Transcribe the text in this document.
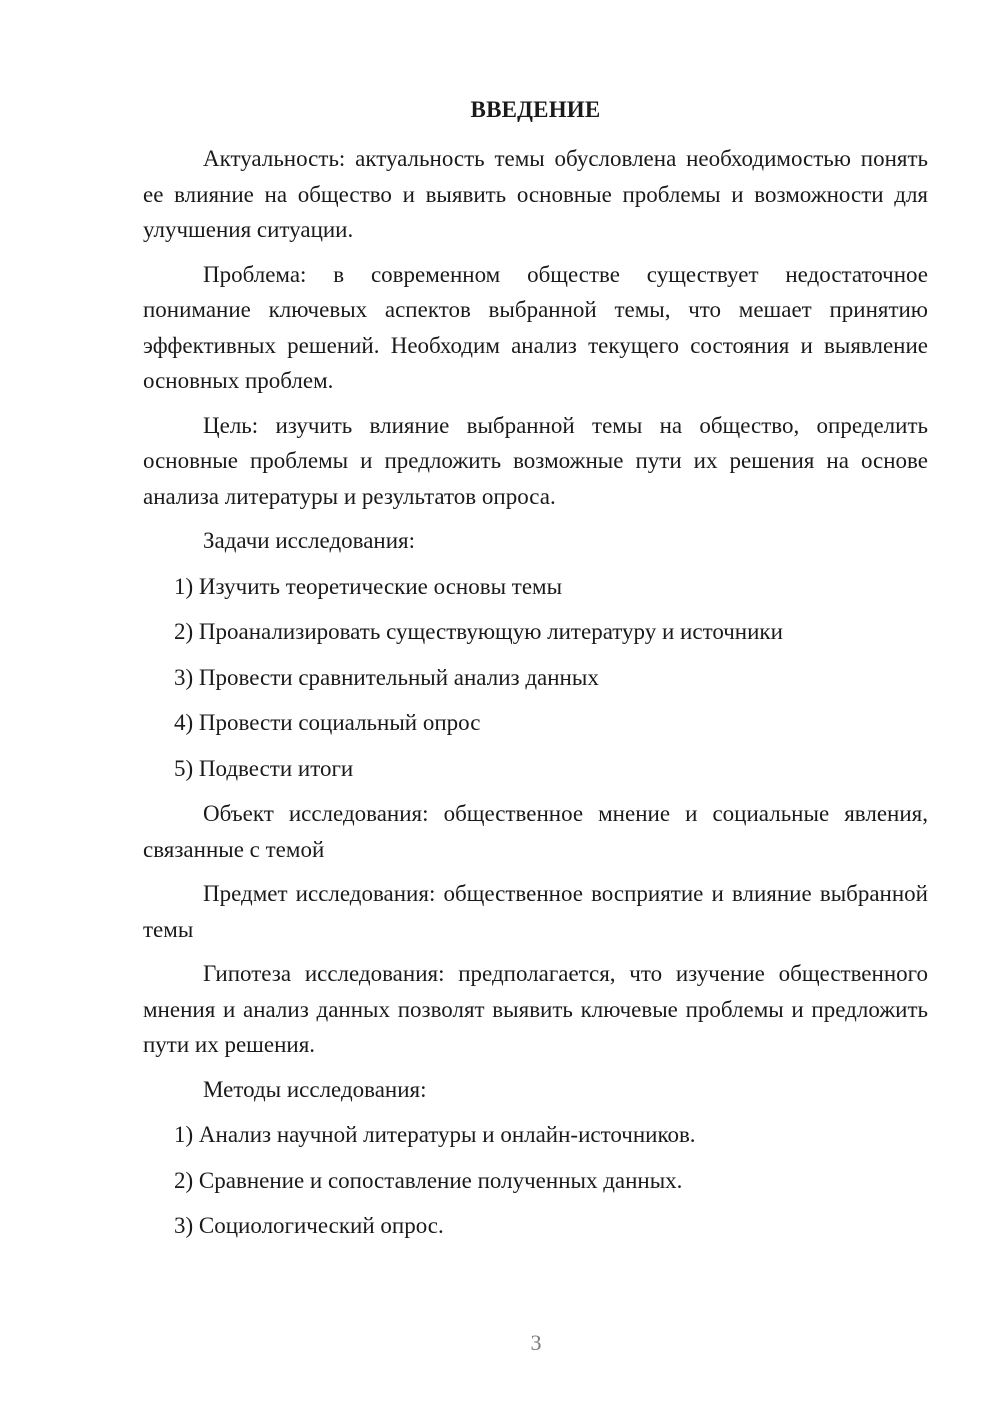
ВВЕДЕНИЕ

Актуальность: актуальность темы обусловлена необходимостью понять ее влияние на общество и выявить основные проблемы и возможности для улучшения ситуации.

Проблема: в современном обществе существует недостаточное понимание ключевых аспектов выбранной темы, что мешает принятию эффективных решений. Необходим анализ текущего состояния и выявление основных проблем.

Цель: изучить влияние выбранной темы на общество, определить основные проблемы и предложить возможные пути их решения на основе анализа литературы и результатов опроса.

Задачи исследования:

1) Изучить теоретические основы темы
2) Проанализировать существующую литературу и источники
3) Провести сравнительный анализ данных
4) Провести социальный опрос
5) Подвести итоги

Объект исследования: общественное мнение и социальные явления, связанные с темой

Предмет исследования: общественное восприятие и влияние выбранной темы

Гипотеза исследования: предполагается, что изучение общественного мнения и анализ данных позволят выявить ключевые проблемы и предложить пути их решения.

Методы исследования:

1) Анализ научной литературы и онлайн-источников.
2) Сравнение и сопоставление полученных данных.
3) Социологический опрос.
3
